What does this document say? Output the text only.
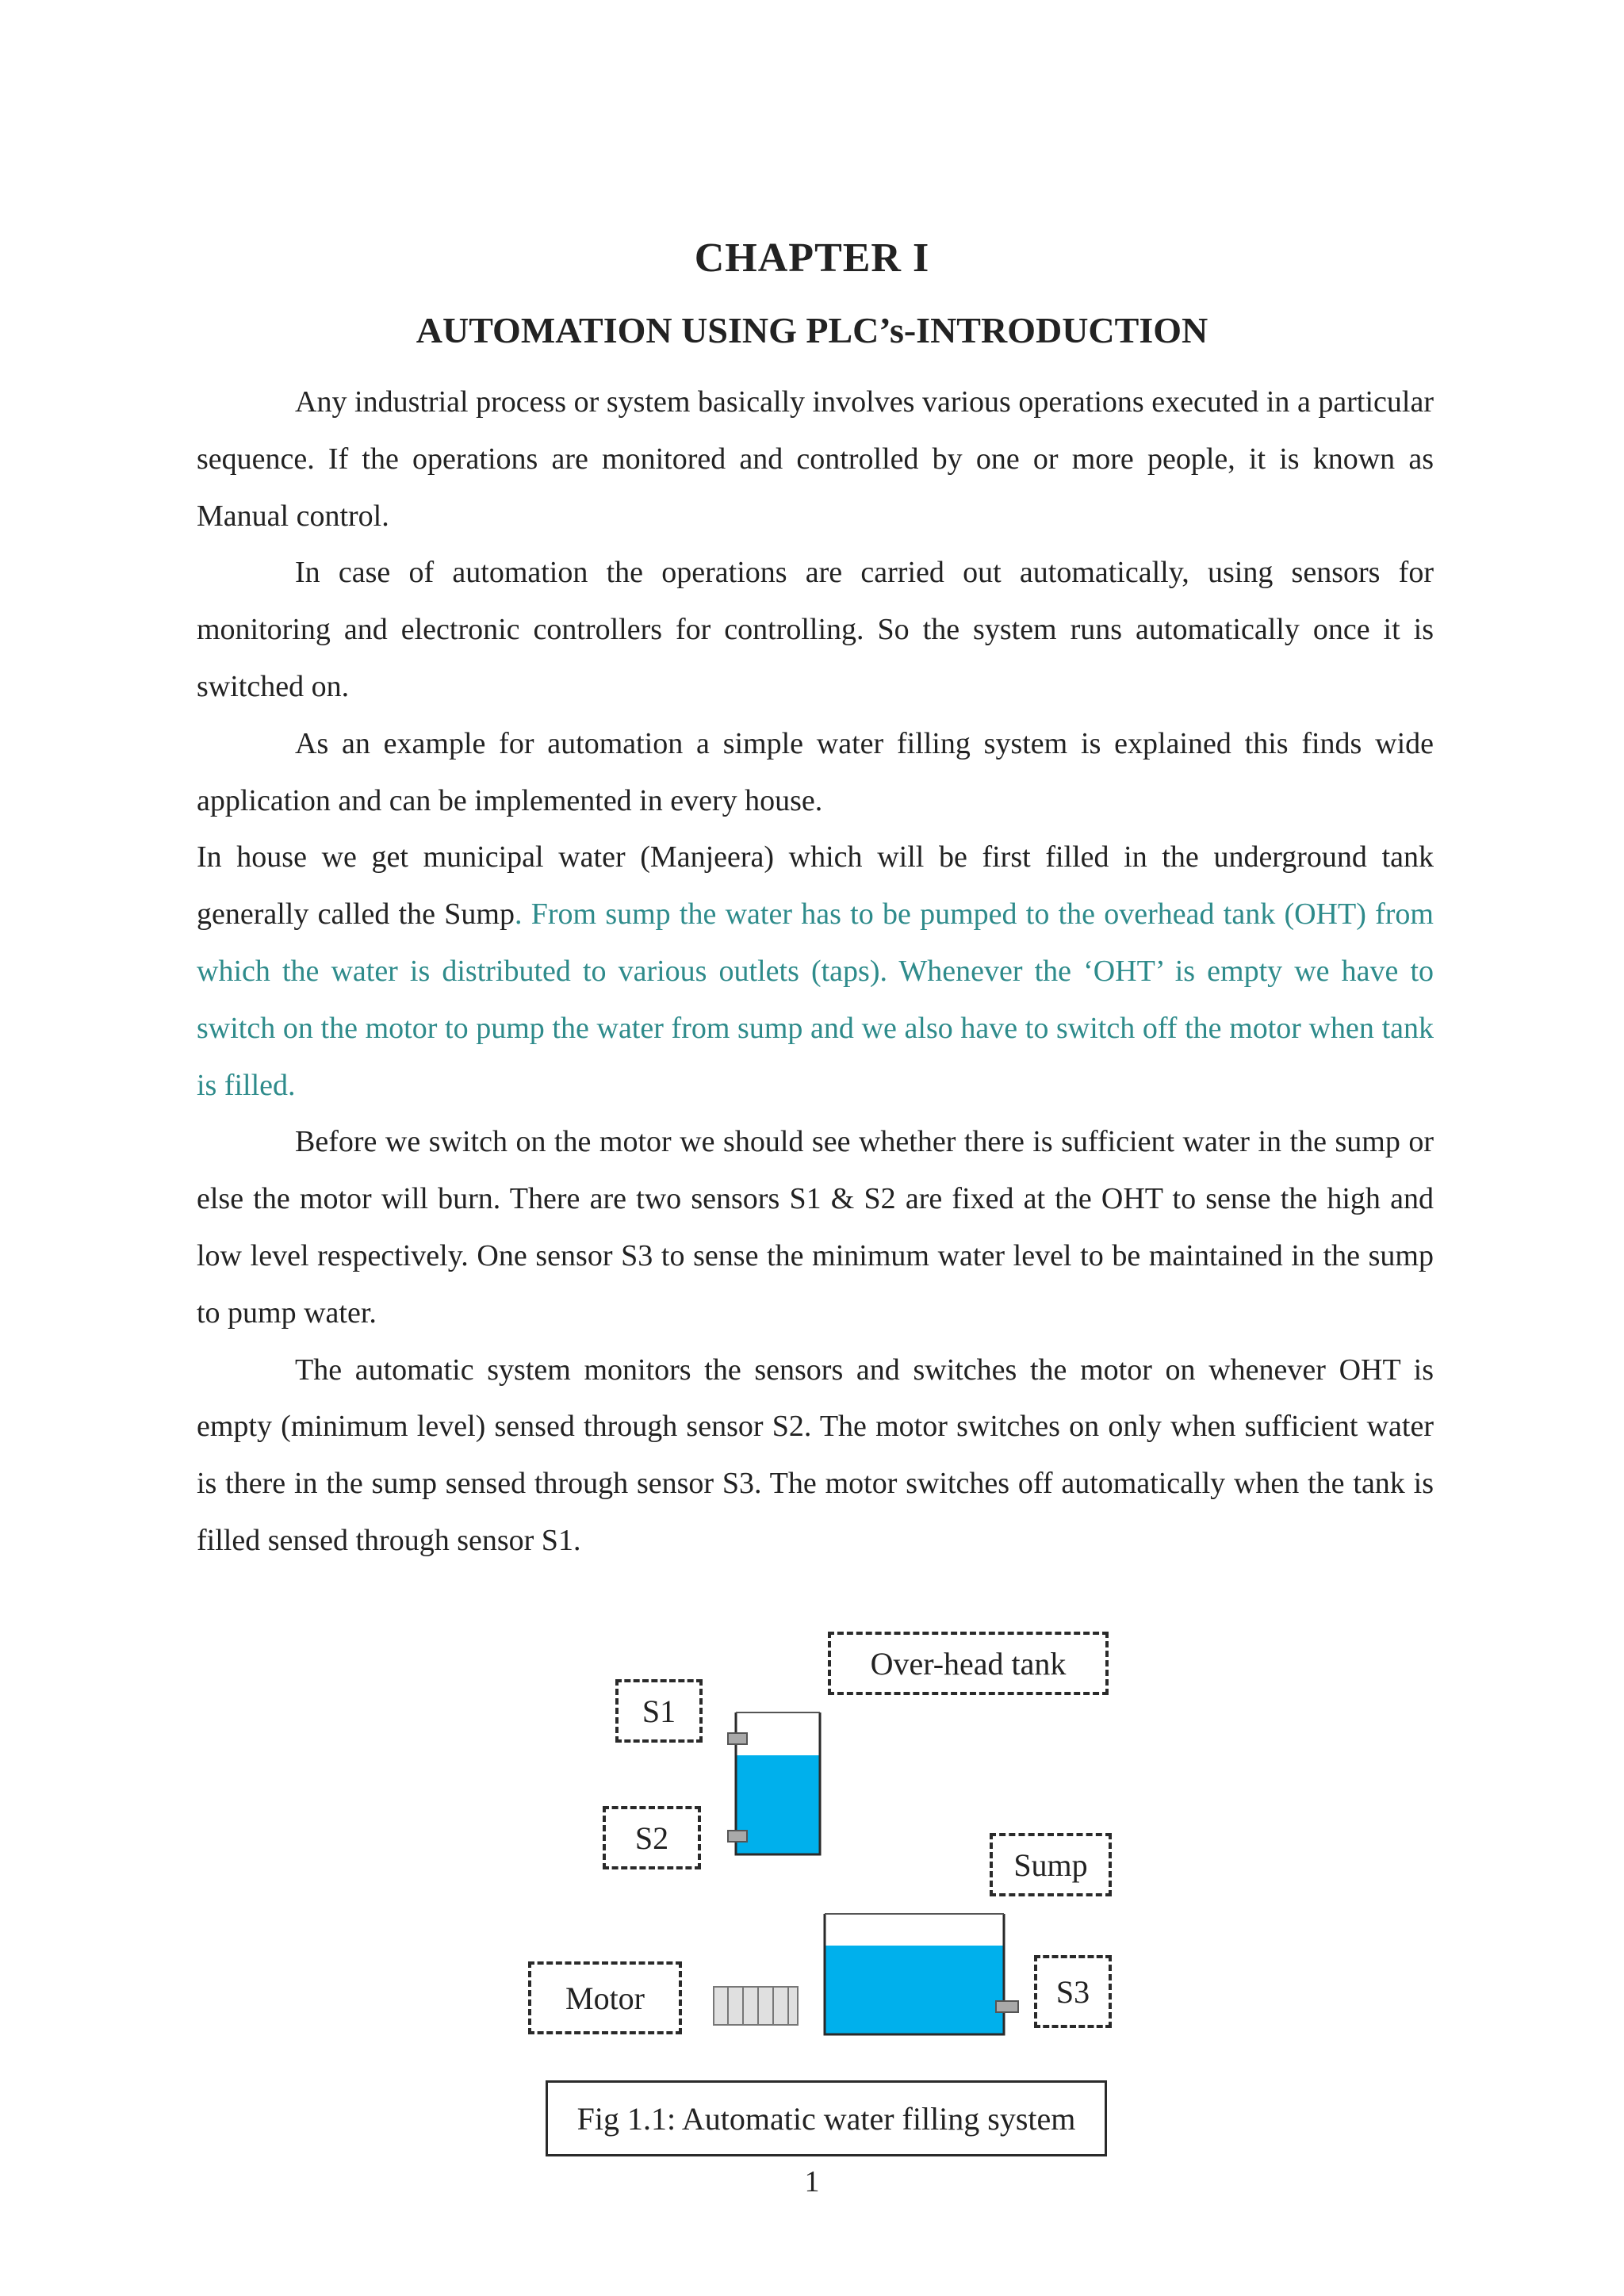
CHAPTER I
AUTOMATION USING PLC’s-INTRODUCTION

Any industrial process or system basically involves various operations executed in a particular sequence. If the operations are monitored and controlled by one or more people, it is known as Manual control.

In case of automation the operations are carried out automatically, using sensors for monitoring and electronic controllers for controlling. So the system runs automatically once it is switched on.

As an example for automation a simple water filling system is explained this finds wide application and can be implemented in every house.

In house we get municipal water (Manjeera) which will be first filled in the underground tank generally called the Sump. From sump the water has to be pumped to the overhead tank (OHT) from which the water is distributed to various outlets (taps). Whenever the ‘OHT’ is empty we have to switch on the motor to pump the water from sump and we also have to switch off the motor when tank is filled.

Before we switch on the motor we should see whether there is sufficient water in the sump or else the motor will burn. There are two sensors S1 & S2 are fixed at the OHT to sense the high and low level respectively. One sensor S3 to sense the minimum water level to be maintained in the sump to pump water.

The automatic system monitors the sensors and switches the motor on whenever OHT is empty (minimum level) sensed through sensor S2. The motor switches on only when sufficient water is there in the sump sensed through sensor S3. The motor switches off automatically when the tank is filled sensed through sensor S1.

Over-head tank
S1
S2
Sump
Motor	S3
Fig 1.1: Automatic water filling system
1
